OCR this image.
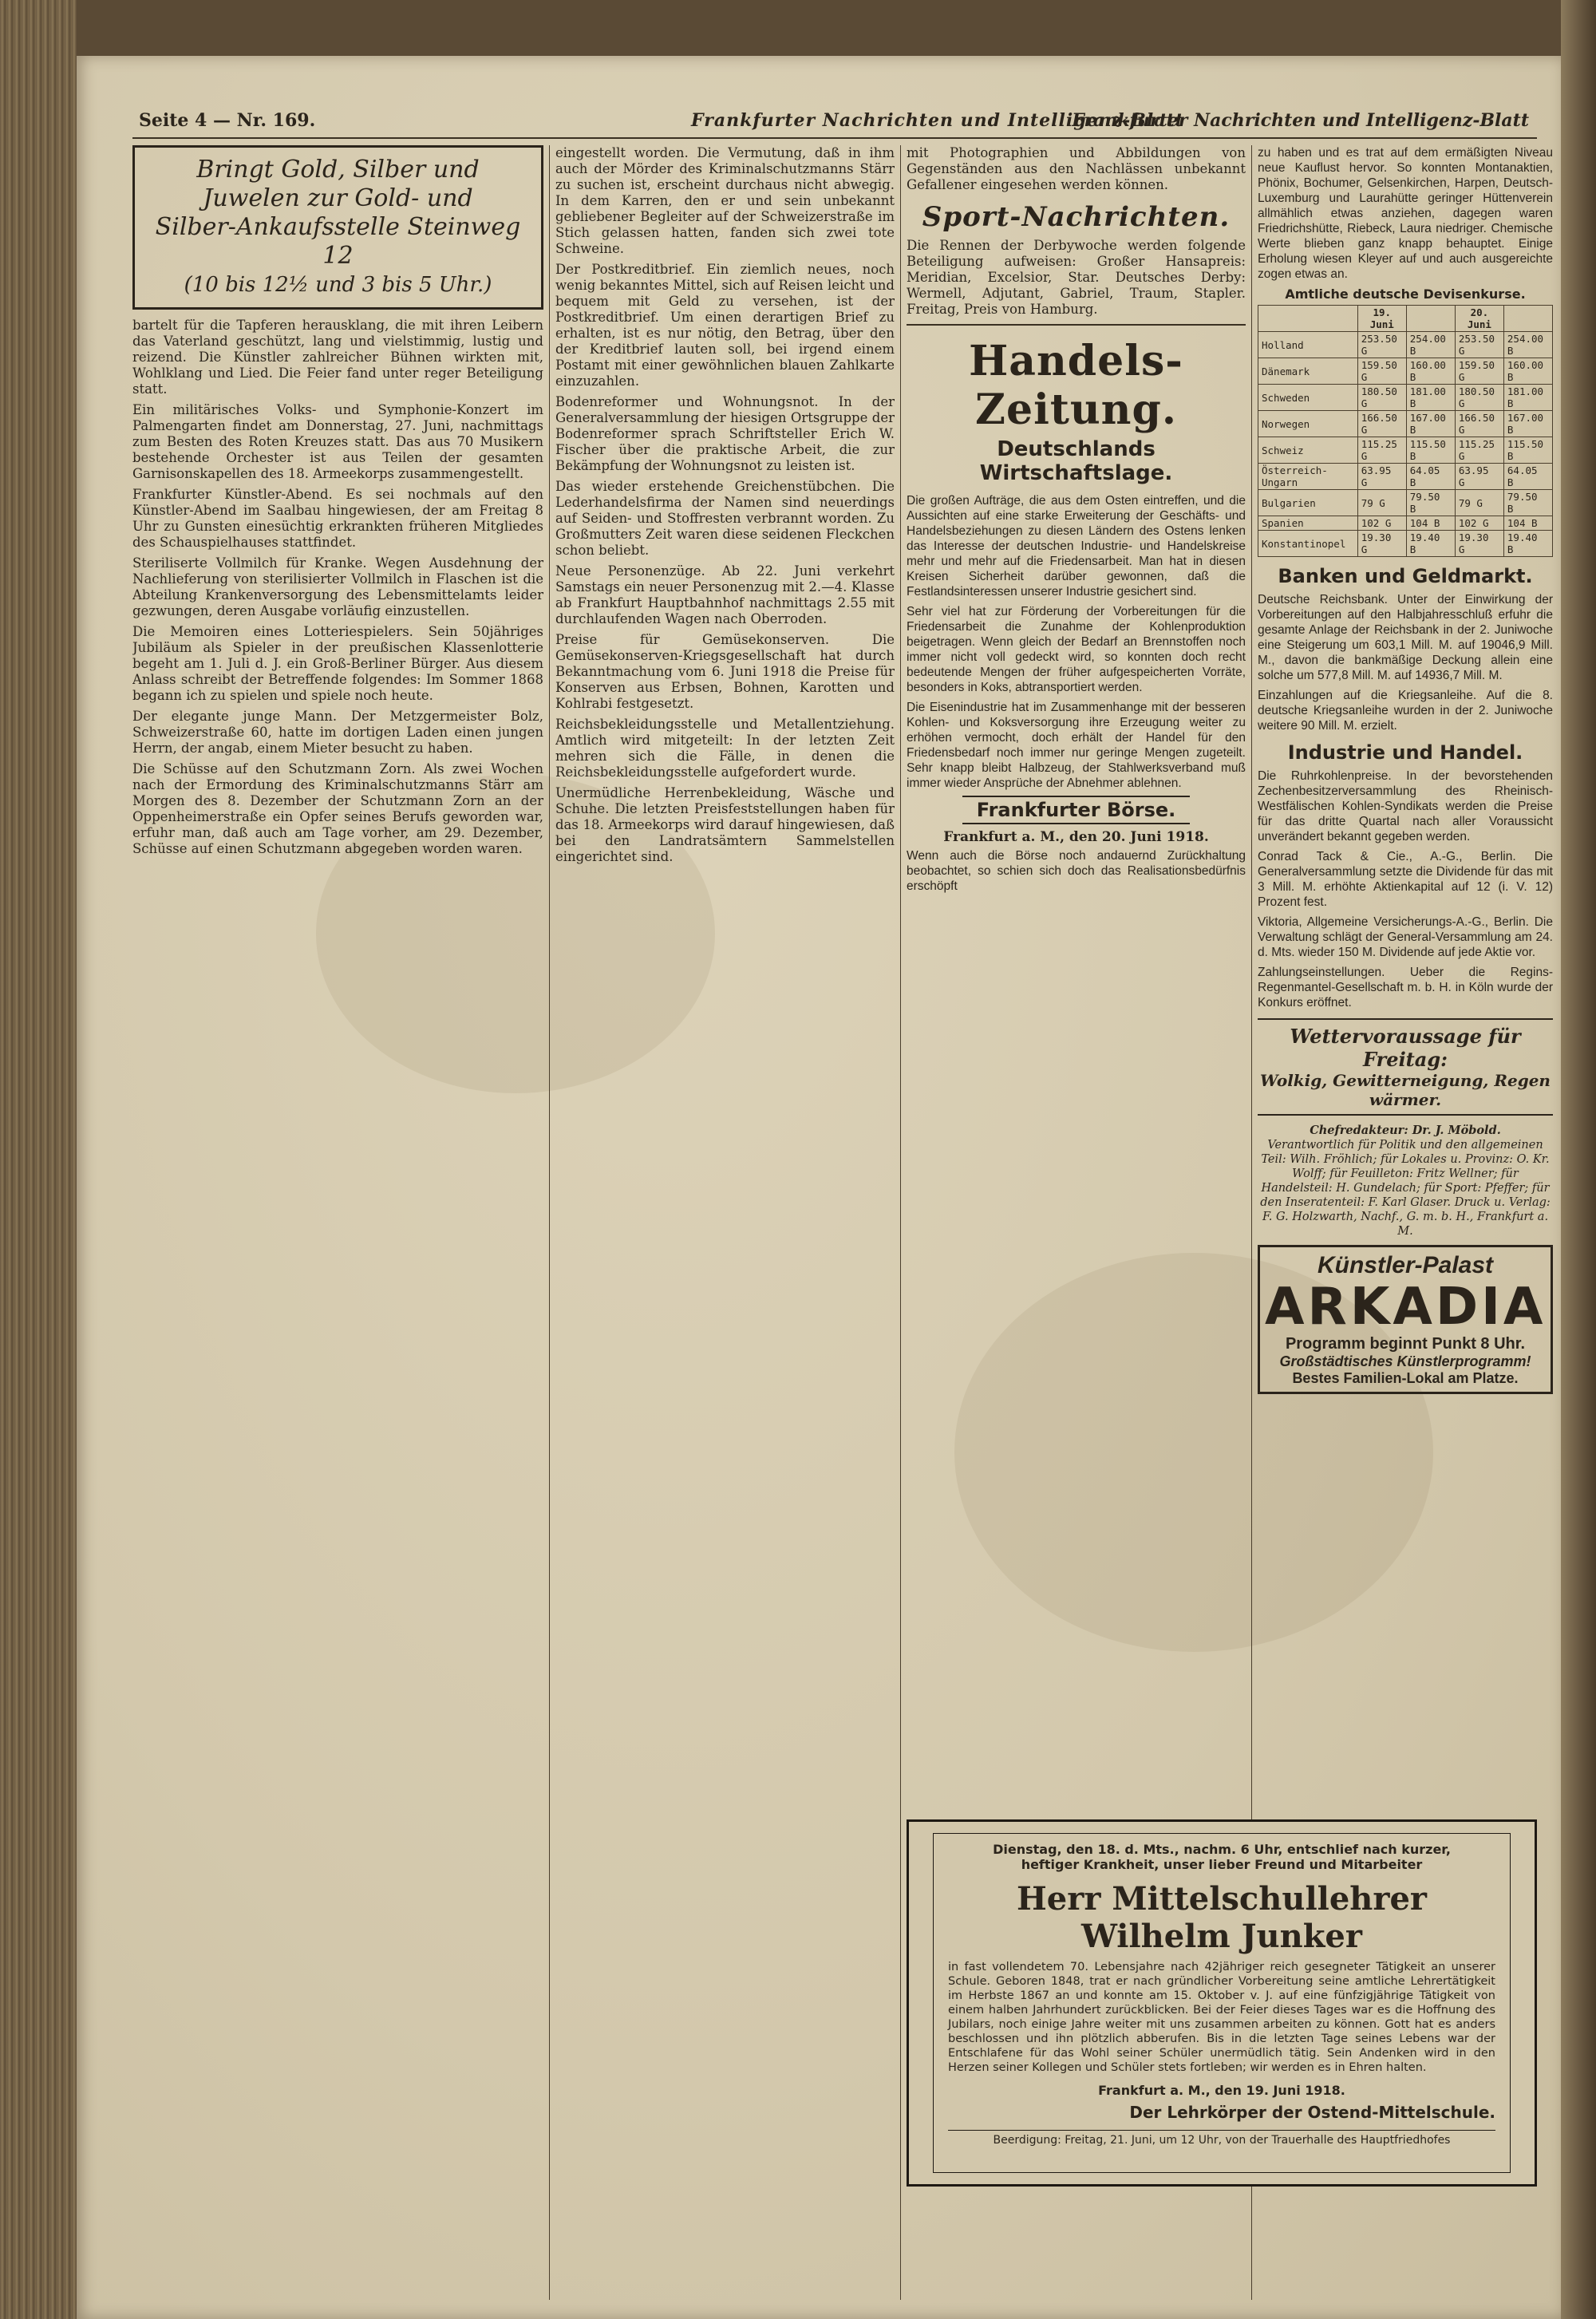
Seite 4 — Nr. 169.	Frankfurter Nachrichten und Intelligenz-Blatt
Frankfurter Nachrichten und Intelligenz-Blatt
Bringt Gold, Silber und
Juwelen zur Gold- und
Silber-Ankaufsstelle Steinweg 12
(10 bis 12½ und 3 bis 5 Uhr.)

bartelt für die Tapferen herausklang, die mit ihren Leibern das Vaterland geschützt, lang und vielstimmig, lustig und reizend. Die Künstler zahlreicher Bühnen wirkten mit, Wohlklang und Lied. Die Feier fand unter reger Beteiligung statt.

Ein militärisches Volks- und Symphonie-Konzert im Palmengarten findet am Donnerstag, 27. Juni, nachmittags zum Besten des Roten Kreuzes statt. Das aus 70 Musikern bestehende Orchester ist aus Teilen der gesamten Garnisonskapellen des 18. Armeekorps zusammengestellt.

Frankfurter Künstler-Abend. Es sei nochmals auf den Künstler-Abend im Saalbau hingewiesen, der am Freitag 8 Uhr zu Gunsten einesüchtig erkrankten früheren Mitgliedes des Schauspielhauses stattfindet.

Steriliserte Vollmilch für Kranke. Wegen Ausdehnung der Nachlieferung von sterilisierter Vollmilch in Flaschen ist die Abteilung Krankenversorgung des Lebensmittelamts leider gezwungen, deren Ausgabe vorläufig einzustellen.

Die Memoiren eines Lotteriespielers. Sein 50jähriges Jubiläum als Spieler in der preußischen Klassenlotterie begeht am 1. Juli d. J. ein Groß-Berliner Bürger. Aus diesem Anlass schreibt der Betreffende folgendes: Im Sommer 1868 begann ich zu spielen und spiele noch heute.

Der elegante junge Mann. Der Metzgermeister Bolz, Schweizerstraße 60, hatte im dortigen Laden einen jungen Herrn, der angab, einem Mieter besucht zu haben.

Die Schüsse auf den Schutzmann Zorn. Als zwei Wochen nach der Ermordung des Kriminalschutzmanns Stärr am Morgen des 8. Dezember der Schutzmann Zorn an der Oppenheimerstraße ein Opfer seines Berufs geworden war, erfuhr man, daß auch am Tage vorher, am 29. Dezember, Schüsse auf einen Schutzmann abgegeben worden waren.

eingestellt worden. Die Vermutung, daß in ihm auch der Mörder des Kriminalschutzmanns Stärr zu suchen ist, erscheint durchaus nicht abwegig. In dem Karren, den er und sein unbekannt gebliebener Begleiter auf der Schweizerstraße im Stich gelassen hatten, fanden sich zwei tote Schweine.

Der Postkreditbrief. Ein ziemlich neues, noch wenig bekanntes Mittel, sich auf Reisen leicht und bequem mit Geld zu versehen, ist der Postkreditbrief. Um einen derartigen Brief zu erhalten, ist es nur nötig, den Betrag, über den der Kreditbrief lauten soll, bei irgend einem Postamt mit einer gewöhnlichen blauen Zahlkarte einzuzahlen.

Bodenreformer und Wohnungsnot. In der Generalversammlung der hiesigen Ortsgruppe der Bodenreformer sprach Schriftsteller Erich W. Fischer über die praktische Arbeit, die zur Bekämpfung der Wohnungsnot zu leisten ist.

Das wieder erstehende Greichenstübchen. Die Lederhandelsfirma der Namen sind neuerdings auf Seiden- und Stoffresten verbrannt worden. Zu Großmutters Zeit waren diese seidenen Fleckchen schon beliebt.

Neue Personenzüge. Ab 22. Juni verkehrt Samstags ein neuer Personenzug mit 2.—4. Klasse ab Frankfurt Hauptbahnhof nachmittags 2.55 mit durchlaufenden Wagen nach Oberroden.

Preise für Gemüsekonserven. Die Gemüsekonserven-Kriegsgesellschaft hat durch Bekanntmachung vom 6. Juni 1918 die Preise für Konserven aus Erbsen, Bohnen, Karotten und Kohlrabi festgesetzt.

Reichsbekleidungsstelle und Metallentziehung. Amtlich wird mitgeteilt: In der letzten Zeit mehren sich die Fälle, in denen die Reichsbekleidungsstelle aufgefordert wurde.

Unermüdliche Herrenbekleidung, Wäsche und Schuhe. Die letzten Preisfeststellungen haben für das 18. Armeekorps wird darauf hingewiesen, daß bei den Landratsämtern Sammelstellen eingerichtet sind.

mit Photographien und Abbildungen von Gegenständen aus den Nachlässen unbekannt Gefallener eingesehen werden können.

Sport-Nachrichten.

Die Rennen der Derbywoche werden folgende Beteiligung aufweisen: Großer Hansapreis: Meridian, Excelsior, Star. Deutsches Derby: Wermell, Adjutant, Gabriel, Traum, Stapler. Freitag, Preis von Hamburg.

Handels-Zeitung.
Deutschlands Wirtschaftslage.

Die großen Aufträge, die aus dem Osten eintreffen, und die Aussichten auf eine starke Erweiterung der Geschäfts- und Handelsbeziehungen zu diesen Ländern des Ostens lenken das Interesse der deutschen Industrie- und Handelskreise mehr und mehr auf die Friedensarbeit. Man hat in diesen Kreisen Sicherheit darüber gewonnen, daß die Festlandsinteressen unserer Industrie gesichert sind.

Sehr viel hat zur Förderung der Vorbereitungen für die Friedensarbeit die Zunahme der Kohlenproduktion beigetragen. Wenn gleich der Bedarf an Brennstoffen noch immer nicht voll gedeckt wird, so konnten doch recht bedeutende Mengen der früher aufgespeicherten Vorräte, besonders in Koks, abtransportiert werden.

Die Eisenindustrie hat im Zusammenhange mit der besseren Kohlen- und Koksversorgung ihre Erzeugung weiter zu erhöhen vermocht, doch erhält der Handel für den Friedensbedarf noch immer nur geringe Mengen zugeteilt. Sehr knapp bleibt Halbzeug, der Stahlwerksverband muß immer wieder Ansprüche der Abnehmer ablehnen.

Frankfurter Börse.
Frankfurt a. M., den 20. Juni 1918.

Wenn auch die Börse noch andauernd Zurückhaltung beobachtet, so schien sich doch das Realisationsbedürfnis erschöpft

zu haben und es trat auf dem ermäßigten Niveau neue Kauflust hervor. So konnten Montanaktien, Phönix, Bochumer, Gelsenkirchen, Harpen, Deutsch-Luxemburg und Laurahütte geringer Hüttenverein allmählich etwas anziehen, dagegen waren Friedrichshütte, Riebeck, Laura niedriger. Chemische Werte blieben ganz knapp behauptet. Einige Erholung wiesen Kleyer auf und auch ausgereichte zogen etwas an.

Amtliche deutsche Devisenkurse.
	19. Juni		20. Juni	
Holland	253.50 G	254.00 B	253.50 G	254.00 B
Dänemark	159.50 G	160.00 B	159.50 G	160.00 B
Schweden	180.50 G	181.00 B	180.50 G	181.00 B
Norwegen	166.50 G	167.00 B	166.50 G	167.00 B
Schweiz	115.25 G	115.50 B	115.25 G	115.50 B
Österreich-Ungarn	63.95 G	64.05 B	63.95 G	64.05 B
Bulgarien	79 G	79.50 B	79 G	79.50 B
Spanien	102 G	104 B	102 G	104 B
Konstantinopel	19.30 G	19.40 B	19.30 G	19.40 B
Banken und Geldmarkt.

Deutsche Reichsbank. Unter der Einwirkung der Vorbereitungen auf den Halbjahresschluß erfuhr die gesamte Anlage der Reichsbank in der 2. Juniwoche eine Steigerung um 603,1 Mill. M. auf 19046,9 Mill. M., davon die bankmäßige Deckung allein eine solche um 577,8 Mill. M. auf 14936,7 Mill. M.

Einzahlungen auf die Kriegsanleihe. Auf die 8. deutsche Kriegsanleihe wurden in der 2. Juniwoche weitere 90 Mill. M. erzielt.

Industrie und Handel.

Die Ruhrkohlenpreise. In der bevorstehenden Zechenbesitzerversammlung des Rheinisch-Westfälischen Kohlen-Syndikats werden die Preise für das dritte Quartal nach aller Voraussicht unverändert bekannt gegeben werden.

Conrad Tack & Cie., A.-G., Berlin. Die Generalversammlung setzte die Dividende für das mit 3 Mill. M. erhöhte Aktienkapital auf 12 (i. V. 12) Prozent fest.

Viktoria, Allgemeine Versicherungs-A.-G., Berlin. Die Verwaltung schlägt der General-Versammlung am 24. d. Mts. wieder 150 M. Dividende auf jede Aktie vor.

Zahlungseinstellungen. Ueber die Regins-Regenmantel-Gesellschaft m. b. H. in Köln wurde der Konkurs eröffnet.

Wettervoraussage für Freitag:
Wolkig, Gewitterneigung, Regen wärmer.
Chefredakteur: Dr. J. Möbold.
Verantwortlich für Politik und den allgemeinen Teil: Wilh. Fröhlich; für Lokales u. Provinz: O. Kr. Wolff; für Feuilleton: Fritz Wellner; für Handelsteil: H. Gundelach; für Sport: Pfeffer; für den Inseratenteil: F. Karl Glaser. Druck u. Verlag: F. G. Holzwarth, Nachf., G. m. b. H., Frankfurt a. M.
Künstler-Palast
ARKADIA
Programm beginnt Punkt 8 Uhr.
Großstädtisches Künstlerprogramm!
Bestes Familien-Lokal am Platze.
Dienstag, den 18. d. Mts., nachm. 6 Uhr, entschlief nach kurzer,
heftiger Krankheit, unser lieber Freund und Mitarbeiter
Herr Mittelschullehrer Wilhelm Junker
in fast vollendetem 70. Lebensjahre nach 42jähriger reich gesegneter Tätigkeit an unserer Schule. Geboren 1848, trat er nach gründlicher Vorbereitung seine amtliche Lehrertätigkeit im Herbste 1867 an und konnte am 15. Oktober v. J. auf eine fünfzigjährige Tätigkeit von einem halben Jahrhundert zurückblicken. Bei der Feier dieses Tages war es die Hoffnung des Jubilars, noch einige Jahre weiter mit uns zusammen arbeiten zu können. Gott hat es anders beschlossen und ihn plötzlich abberufen. Bis in die letzten Tage seines Lebens war der Entschlafene für das Wohl seiner Schüler unermüdlich tätig. Sein Andenken wird in den Herzen seiner Kollegen und Schüler stets fortleben; wir werden es in Ehren halten.
Frankfurt a. M., den 19. Juni 1918.
Der Lehrkörper der Ostend-Mittelschule.
Beerdigung: Freitag, 21. Juni, um 12 Uhr, von der Trauerhalle des Hauptfriedhofes
